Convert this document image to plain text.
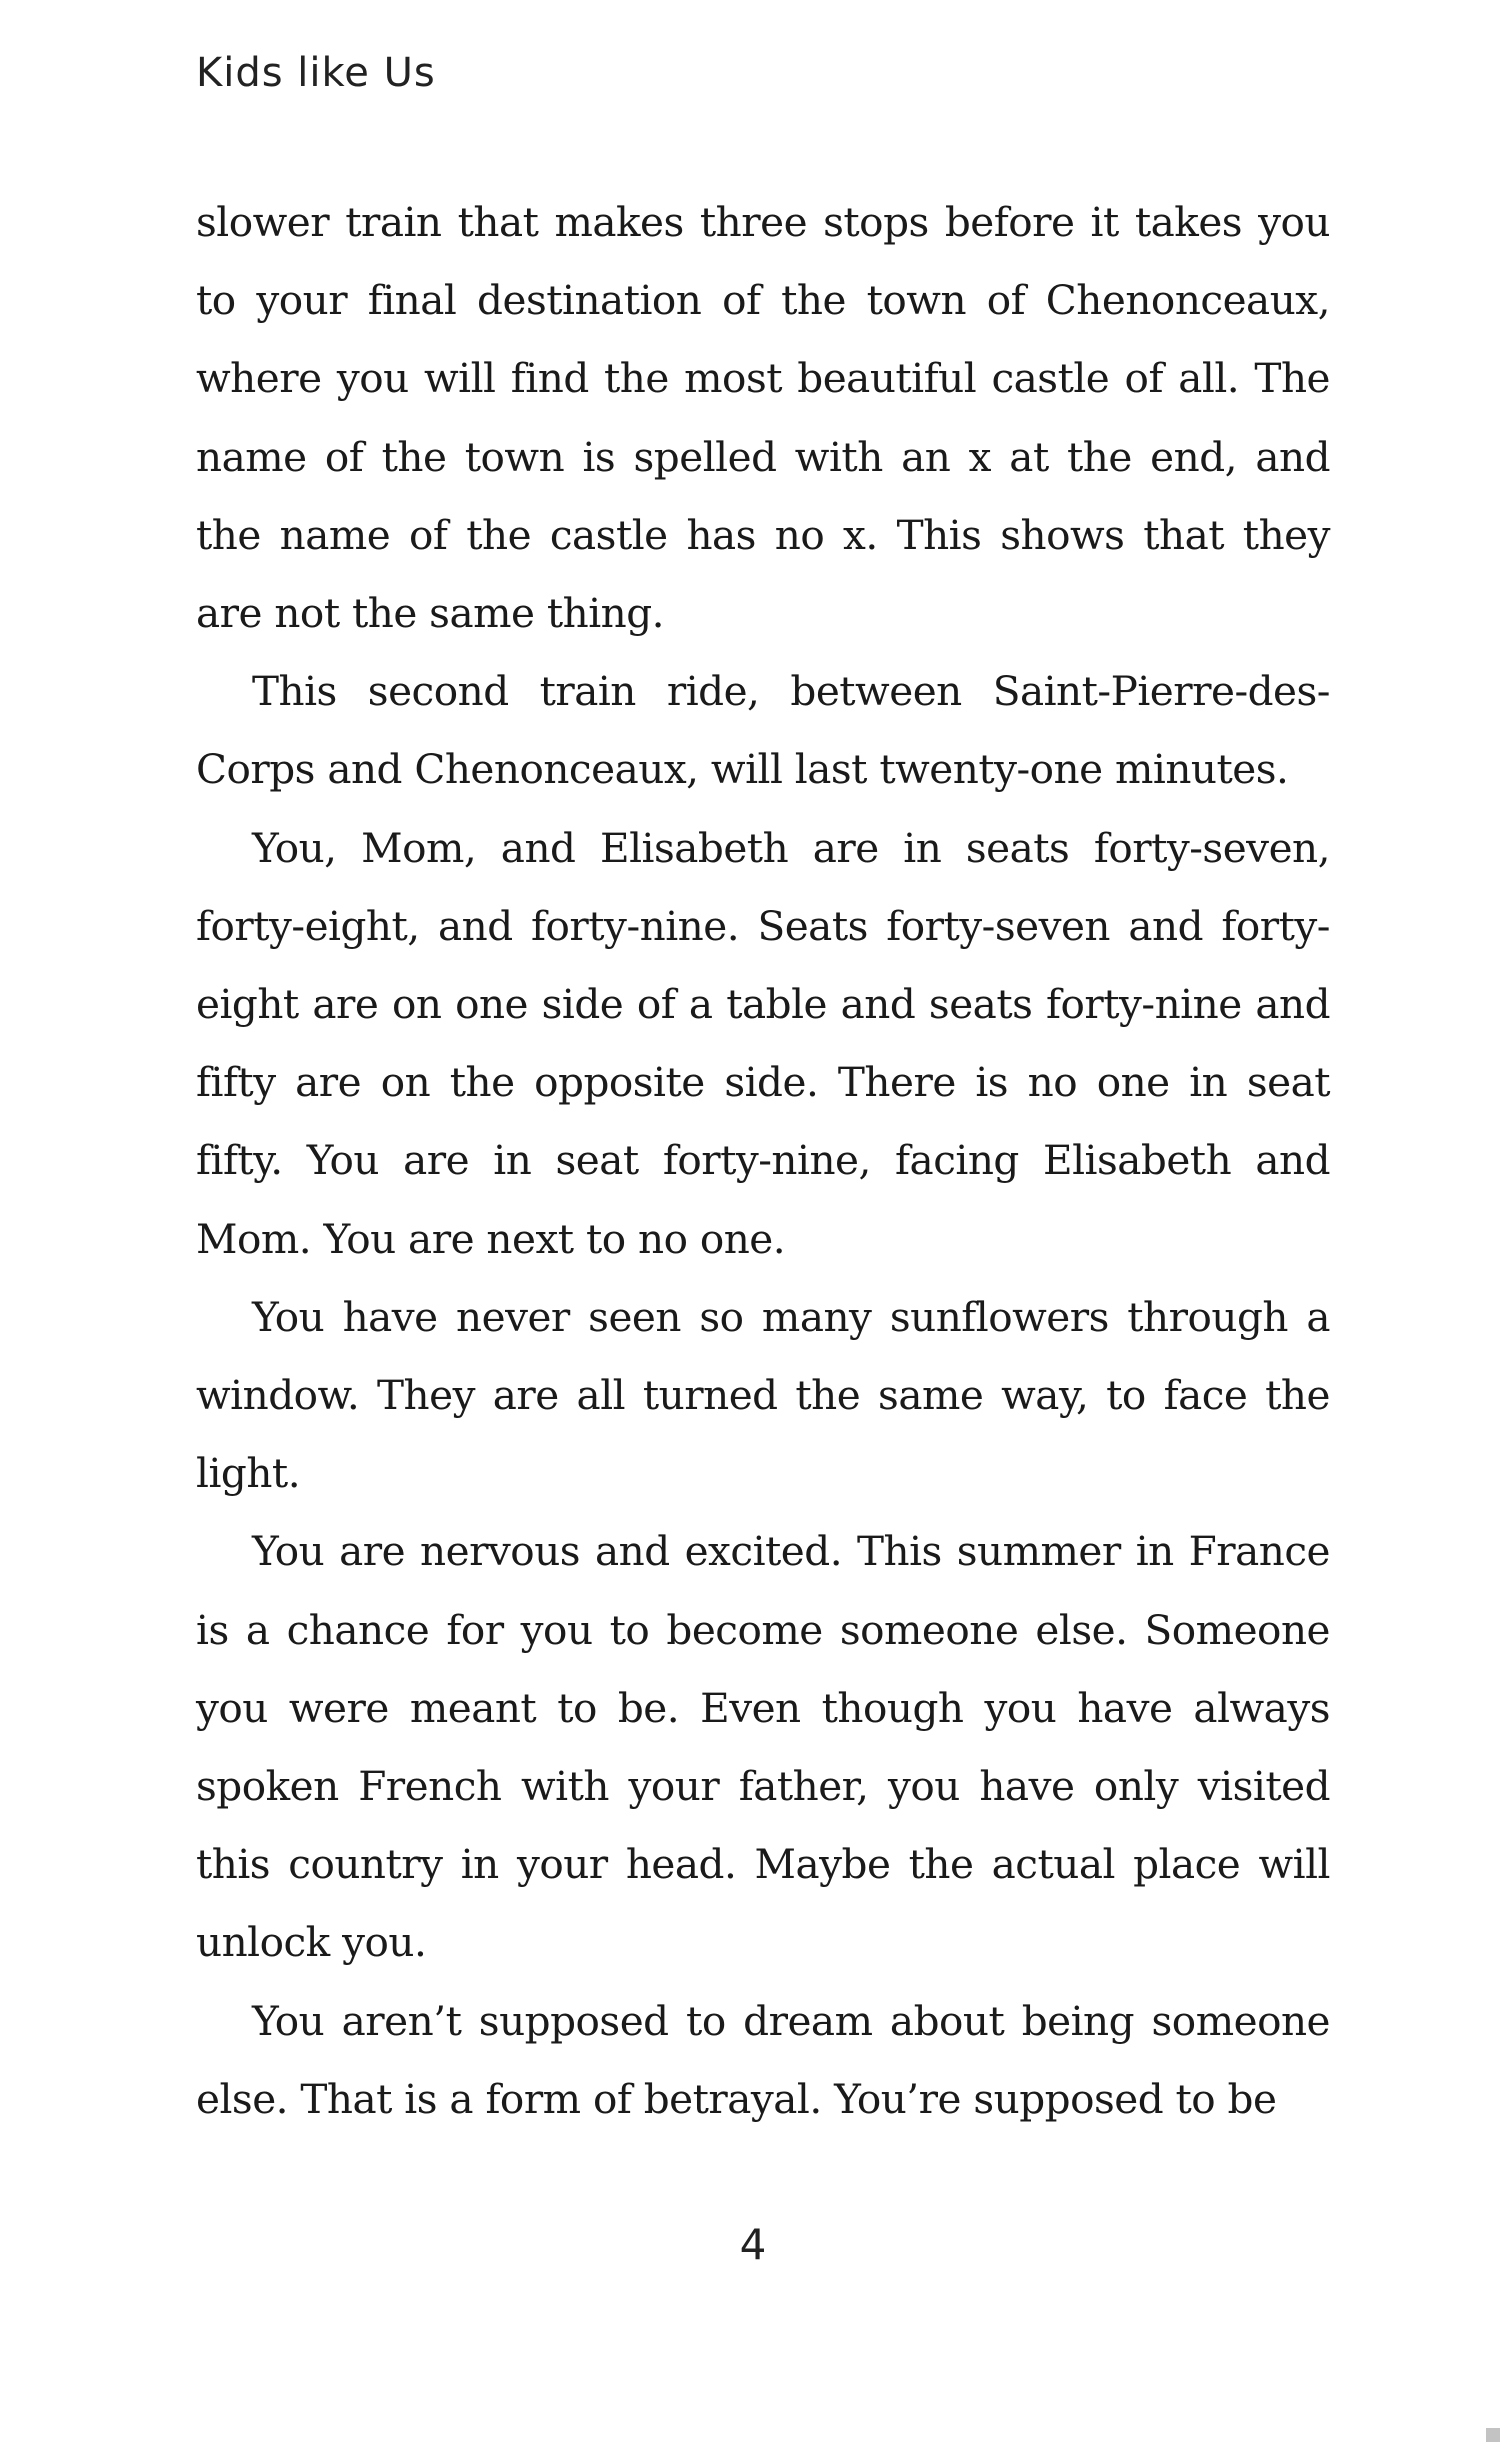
Kids like Us

slower train that makes three stops before it takes you to your final destination of the town of Chenonceaux, where you will find the most beautiful castle of all. The name of the town is spelled with an x at the end, and the name of the castle has no x. This shows that they are not the same thing.

This second train ride, between Saint-Pierre-des-Corps and Chenonceaux, will last twenty-one minutes.

You, Mom, and Elisabeth are in seats forty-seven, forty-eight, and forty-nine. Seats forty-seven and forty-eight are on one side of a table and seats forty-nine and fifty are on the opposite side. There is no one in seat fifty. You are in seat forty-nine, facing Elisabeth and Mom. You are next to no one.

You have never seen so many sunflowers through a window. They are all turned the same way, to face the light.

You are nervous and excited. This summer in France is a chance for you to become someone else. Someone you were meant to be. Even though you have always spoken French with your father, you have only visited this country in your head. Maybe the actual place will unlock you.

You aren’t supposed to dream about being someone else. That is a form of betrayal. You’re supposed to be

4
